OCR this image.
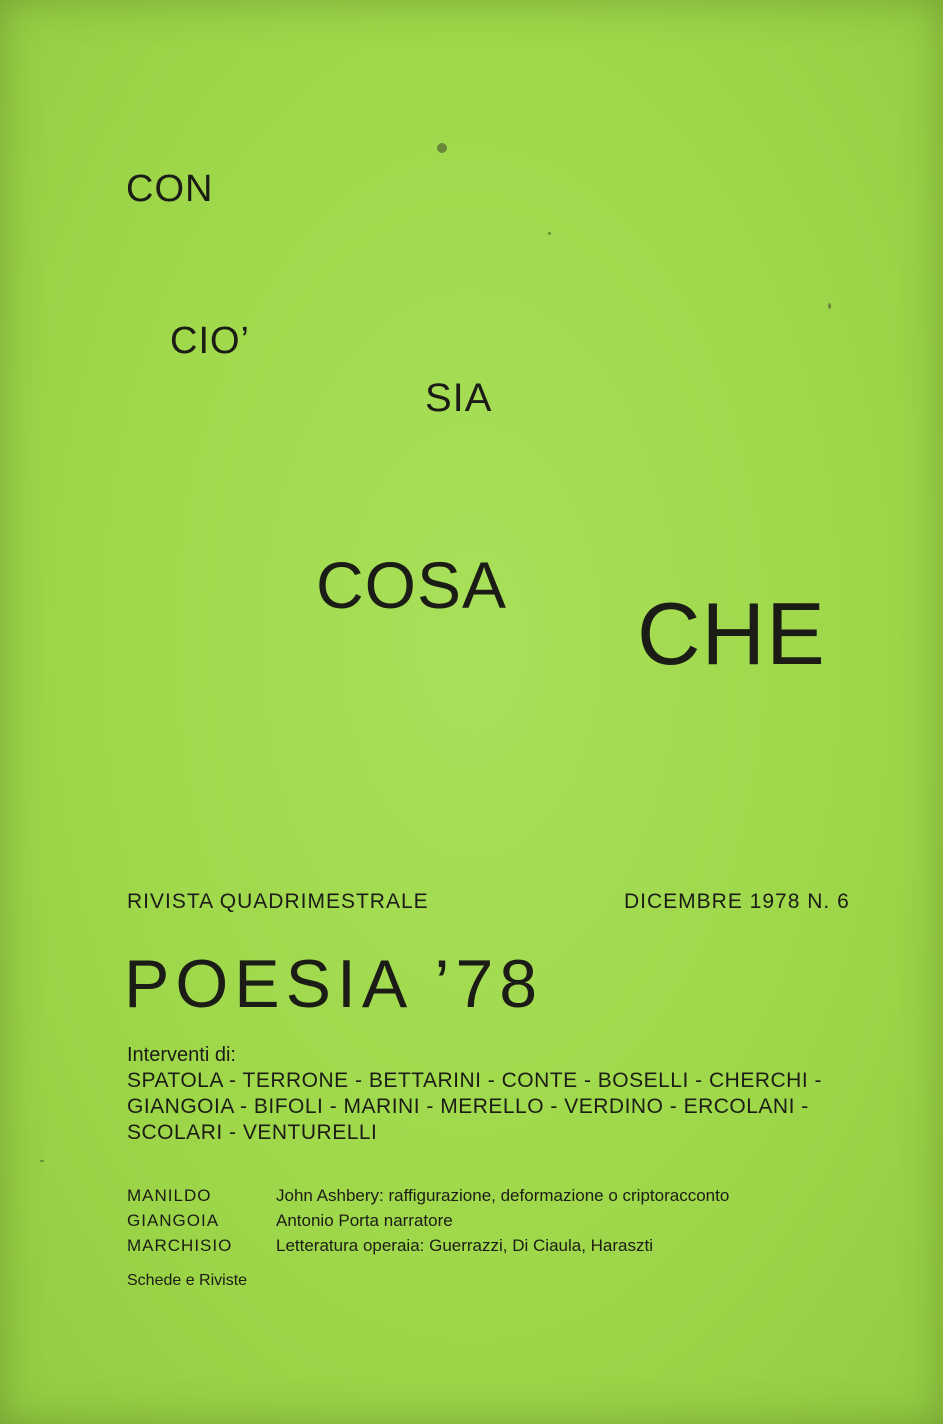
CON
CIO’
SIA
COSA CHE
RIVISTA QUADRIMESTRALE	DICEMBRE 1978 N. 6
POESIA ’78
Interventi di:
SPATOLA - TERRONE - BETTARINI - CONTE - BOSELLI - CHERCHI -
GIANGOIA - BIFOLI - MARINI - MERELLO - VERDINO - ERCOLANI -
SCOLARI - VENTURELLI
MANILDO	John Ashbery: raffigurazione, deformazione o criptoracconto
GIANGOIA	Antonio Porta narratore
MARCHISIO	Letteratura operaia: Guerrazzi, Di Ciaula, Haraszti
Schede e Riviste
